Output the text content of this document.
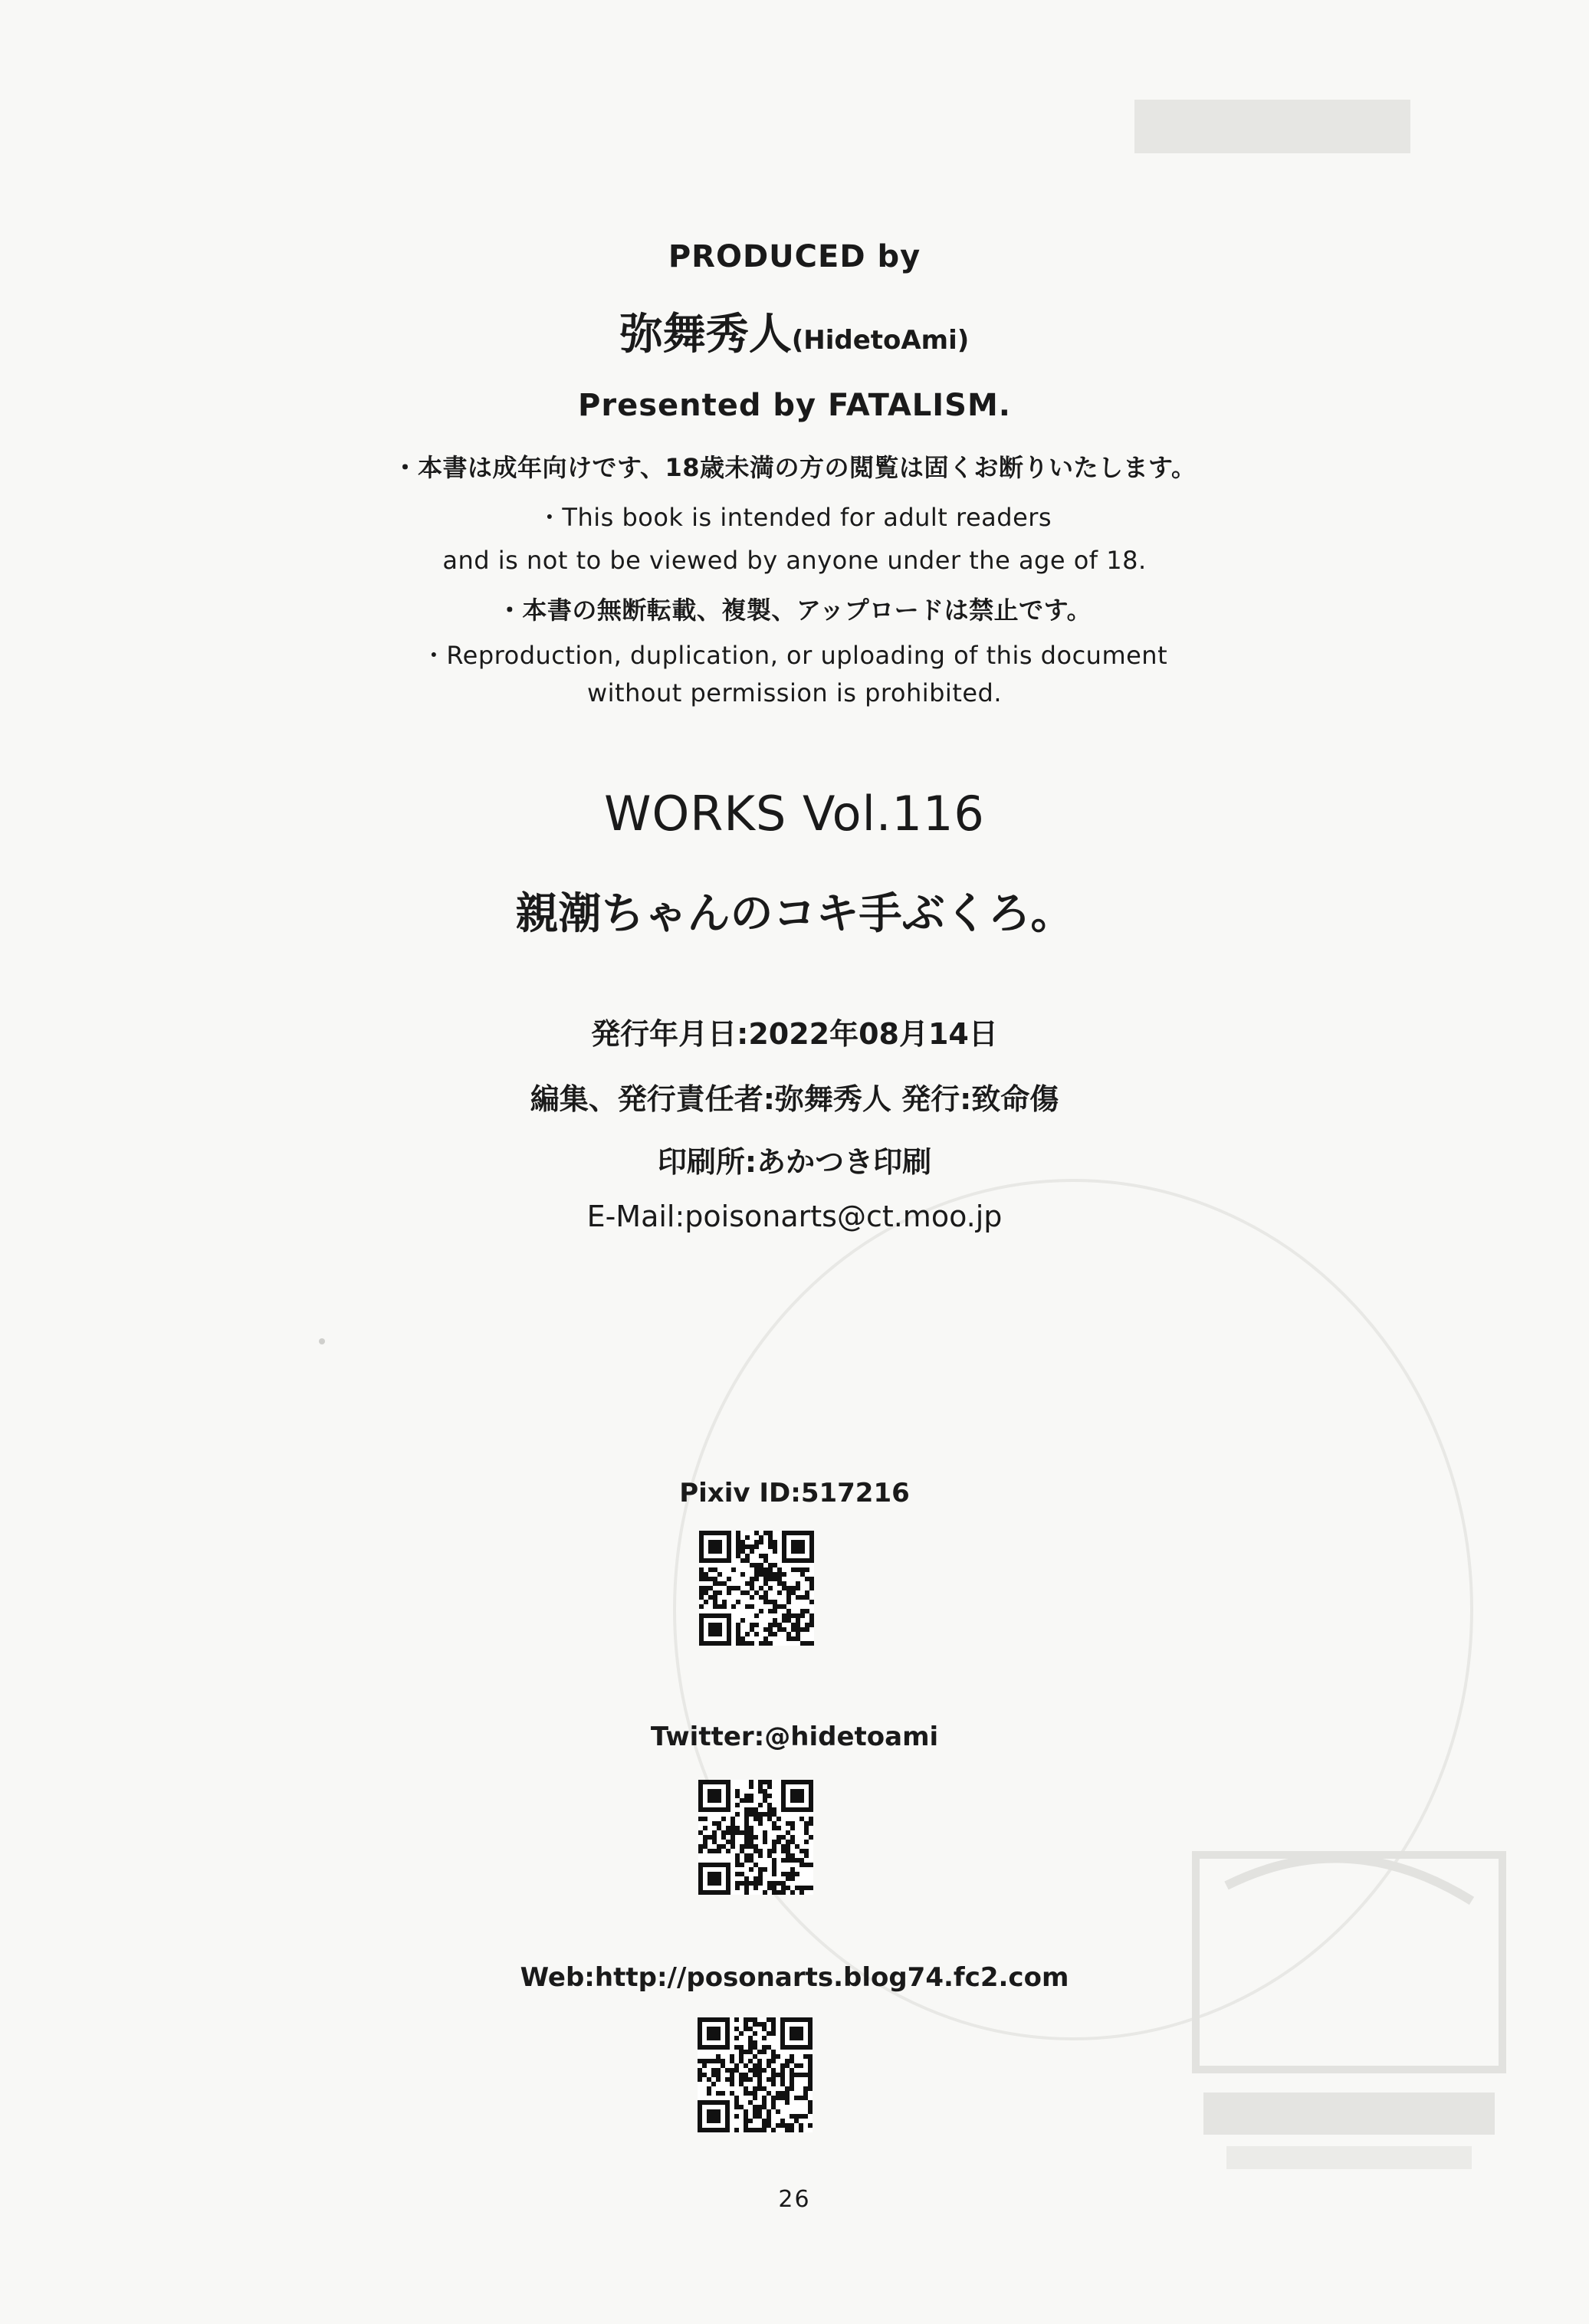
PRODUCED by
弥舞秀人(HidetoAmi)
Presented by FATALISM.
・本書は成年向けです、18歳未満の方の閲覧は固くお断りいたします。
・This book is intended for adult readers
and is not to be viewed by anyone under the age of 18.
・本書の無断転載、複製、アップロードは禁止です。
・Reproduction, duplication, or uploading of this document
without permission is prohibited.
WORKS Vol.116
親潮ちゃんのコキ手ぶくろ。
発行年月日:2022年08月14日
編集、発行責任者:弥舞秀人 発行:致命傷
印刷所:あかつき印刷
E-Mail:poisonarts@ct.moo.jp
Pixiv ID:517216
Twitter:@hidetoami
Web:http://posonarts.blog74.fc2.com
26
